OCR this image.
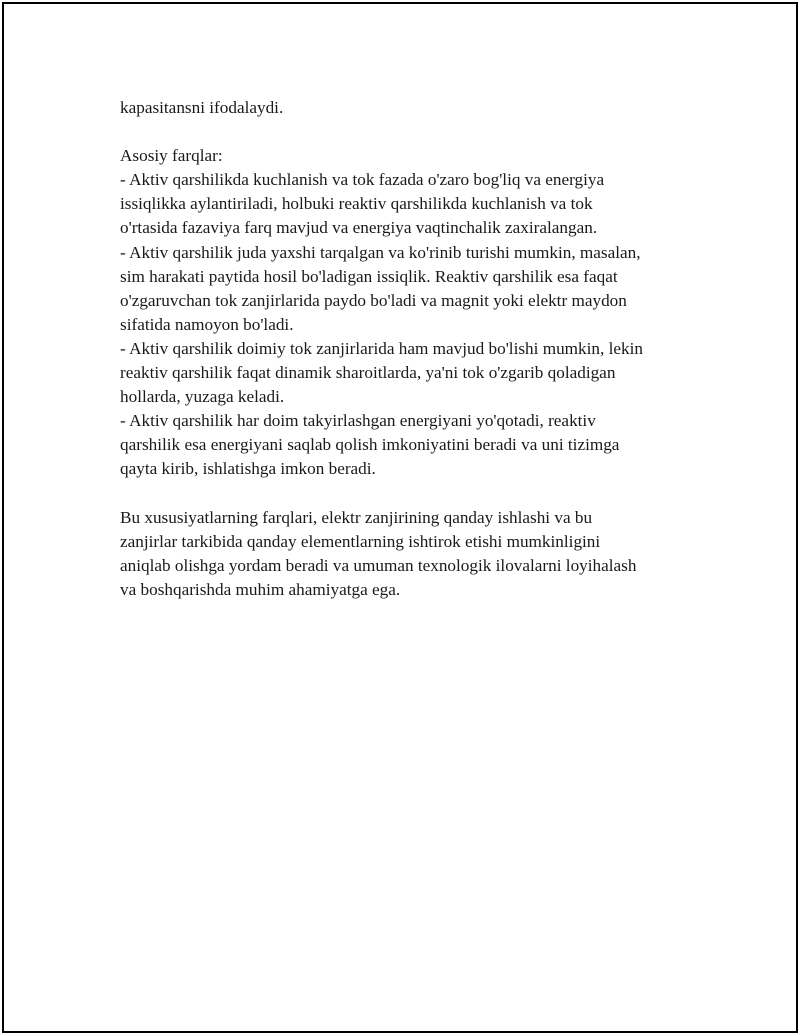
kapasitansni ifodalaydi.
Asosiy farqlar:
- Aktiv qarshilikda kuchlanish va tok fazada o'zaro bog'liq va energiya
issiqlikka aylantiriladi, holbuki reaktiv qarshilikda kuchlanish va tok
o'rtasida fazaviya farq mavjud va energiya vaqtinchalik zaxiralangan.
- Aktiv qarshilik juda yaxshi tarqalgan va ko'rinib turishi mumkin, masalan,
sim harakati paytida hosil bo'ladigan issiqlik. Reaktiv qarshilik esa faqat
o'zgaruvchan tok zanjirlarida paydo bo'ladi va magnit yoki elektr maydon
sifatida namoyon bo'ladi.
- Aktiv qarshilik doimiy tok zanjirlarida ham mavjud bo'lishi mumkin, lekin
reaktiv qarshilik faqat dinamik sharoitlarda, ya'ni tok o'zgarib qoladigan
hollarda, yuzaga keladi.
- Aktiv qarshilik har doim takyirlashgan energiyani yo'qotadi, reaktiv
qarshilik esa energiyani saqlab qolish imkoniyatini beradi va uni tizimga
qayta kirib, ishlatishga imkon beradi.
Bu xususiyatlarning farqlari, elektr zanjirining qanday ishlashi va bu
zanjirlar tarkibida qanday elementlarning ishtirok etishi mumkinligini
aniqlab olishga yordam beradi va umuman texnologik ilovalarni loyihalash
va boshqarishda muhim ahamiyatga ega.
